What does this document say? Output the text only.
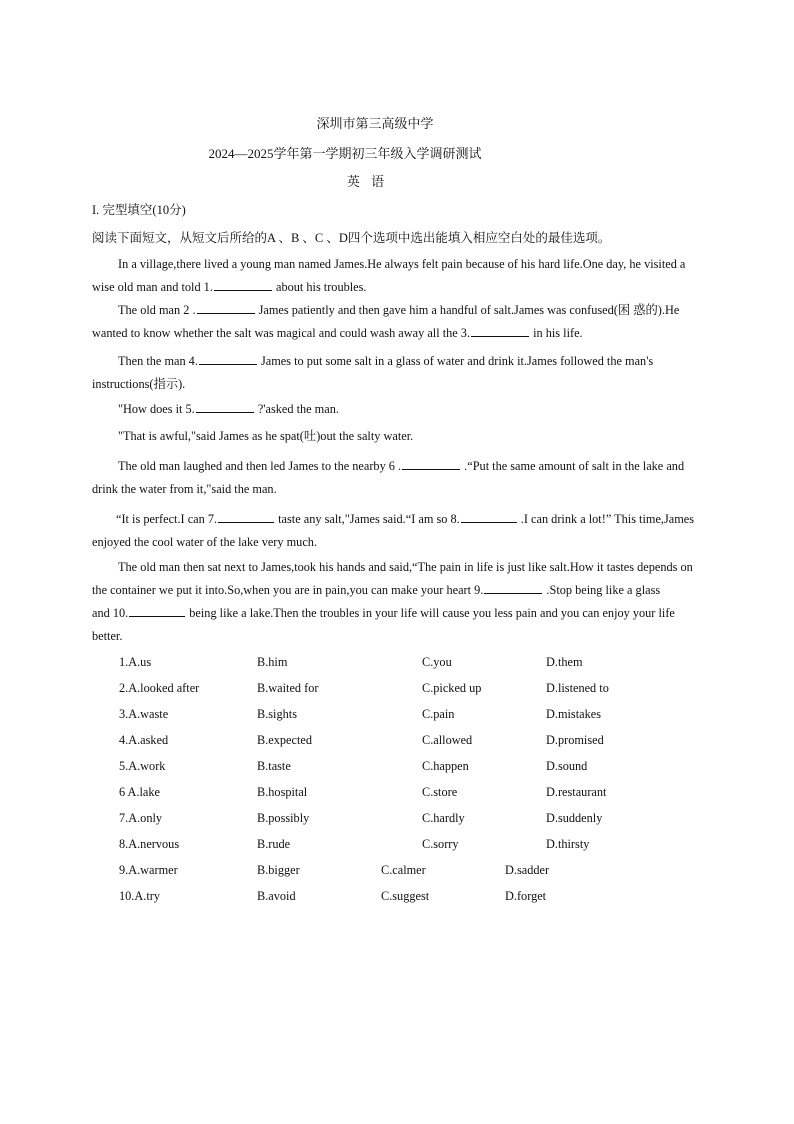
深圳市第三高级中学
2024—2025学年第一学期初三年级入学调研测试
英 语
I. 完型填空(10分)
阅读下面短文，从短文后所给的A 、B 、C 、D四个选项中选出能填入相应空白处的最佳选项。
In a village,there lived a young man named James.He always felt pain because of his hard life.One day, he visited a
wise old man and told 1.	about his troubles.
The old man 2 .	James patiently and then gave him a handful of salt.James was confused(困 惑的).He
wanted to know whether the salt was magical and could wash away all the 3.	in his life.
Then the man 4.	James to put some salt in a glass of water and drink it.James followed the man's
instructions(指示).
"How does it 5.	?'asked the man.
"That is awful,"said James as he spat(吐)out the salty water.
The old man laughed and then led James to the nearby 6 .	.“Put the same amount of salt in the lake and
drink the water from it,"said the man.
“It is perfect.I can 7.	taste any salt,"James said.“I am so 8.	.I can drink a lot!” This time,James
enjoyed the cool water of the lake very much.
The old man then sat next to James,took his hands and said,“The pain in life is just like salt.How it tastes depends on
the container we put it into.So,when you are in pain,you can make your heart 9.	.Stop being like a glass
and 10.	being like a lake.Then the troubles in your life will cause you less pain and you can enjoy your life
better.
1.A.us	B.him	C.you	D.them
2.A.looked after	B.waited for	C.picked up	D.listened to
3.A.waste	B.sights	C.pain	D.mistakes
4.A.asked	B.expected	C.allowed	D.promised
5.A.work	B.taste	C.happen	D.sound
6 A.lake	B.hospital	C.store	D.restaurant
7.A.only	B.possibly	C.hardly	D.suddenly
8.A.nervous	B.rude	C.sorry	D.thirsty
9.A.warmer	B.bigger	C.calmer	D.sadder
10.A.try	B.avoid	C.suggest	D.forget
